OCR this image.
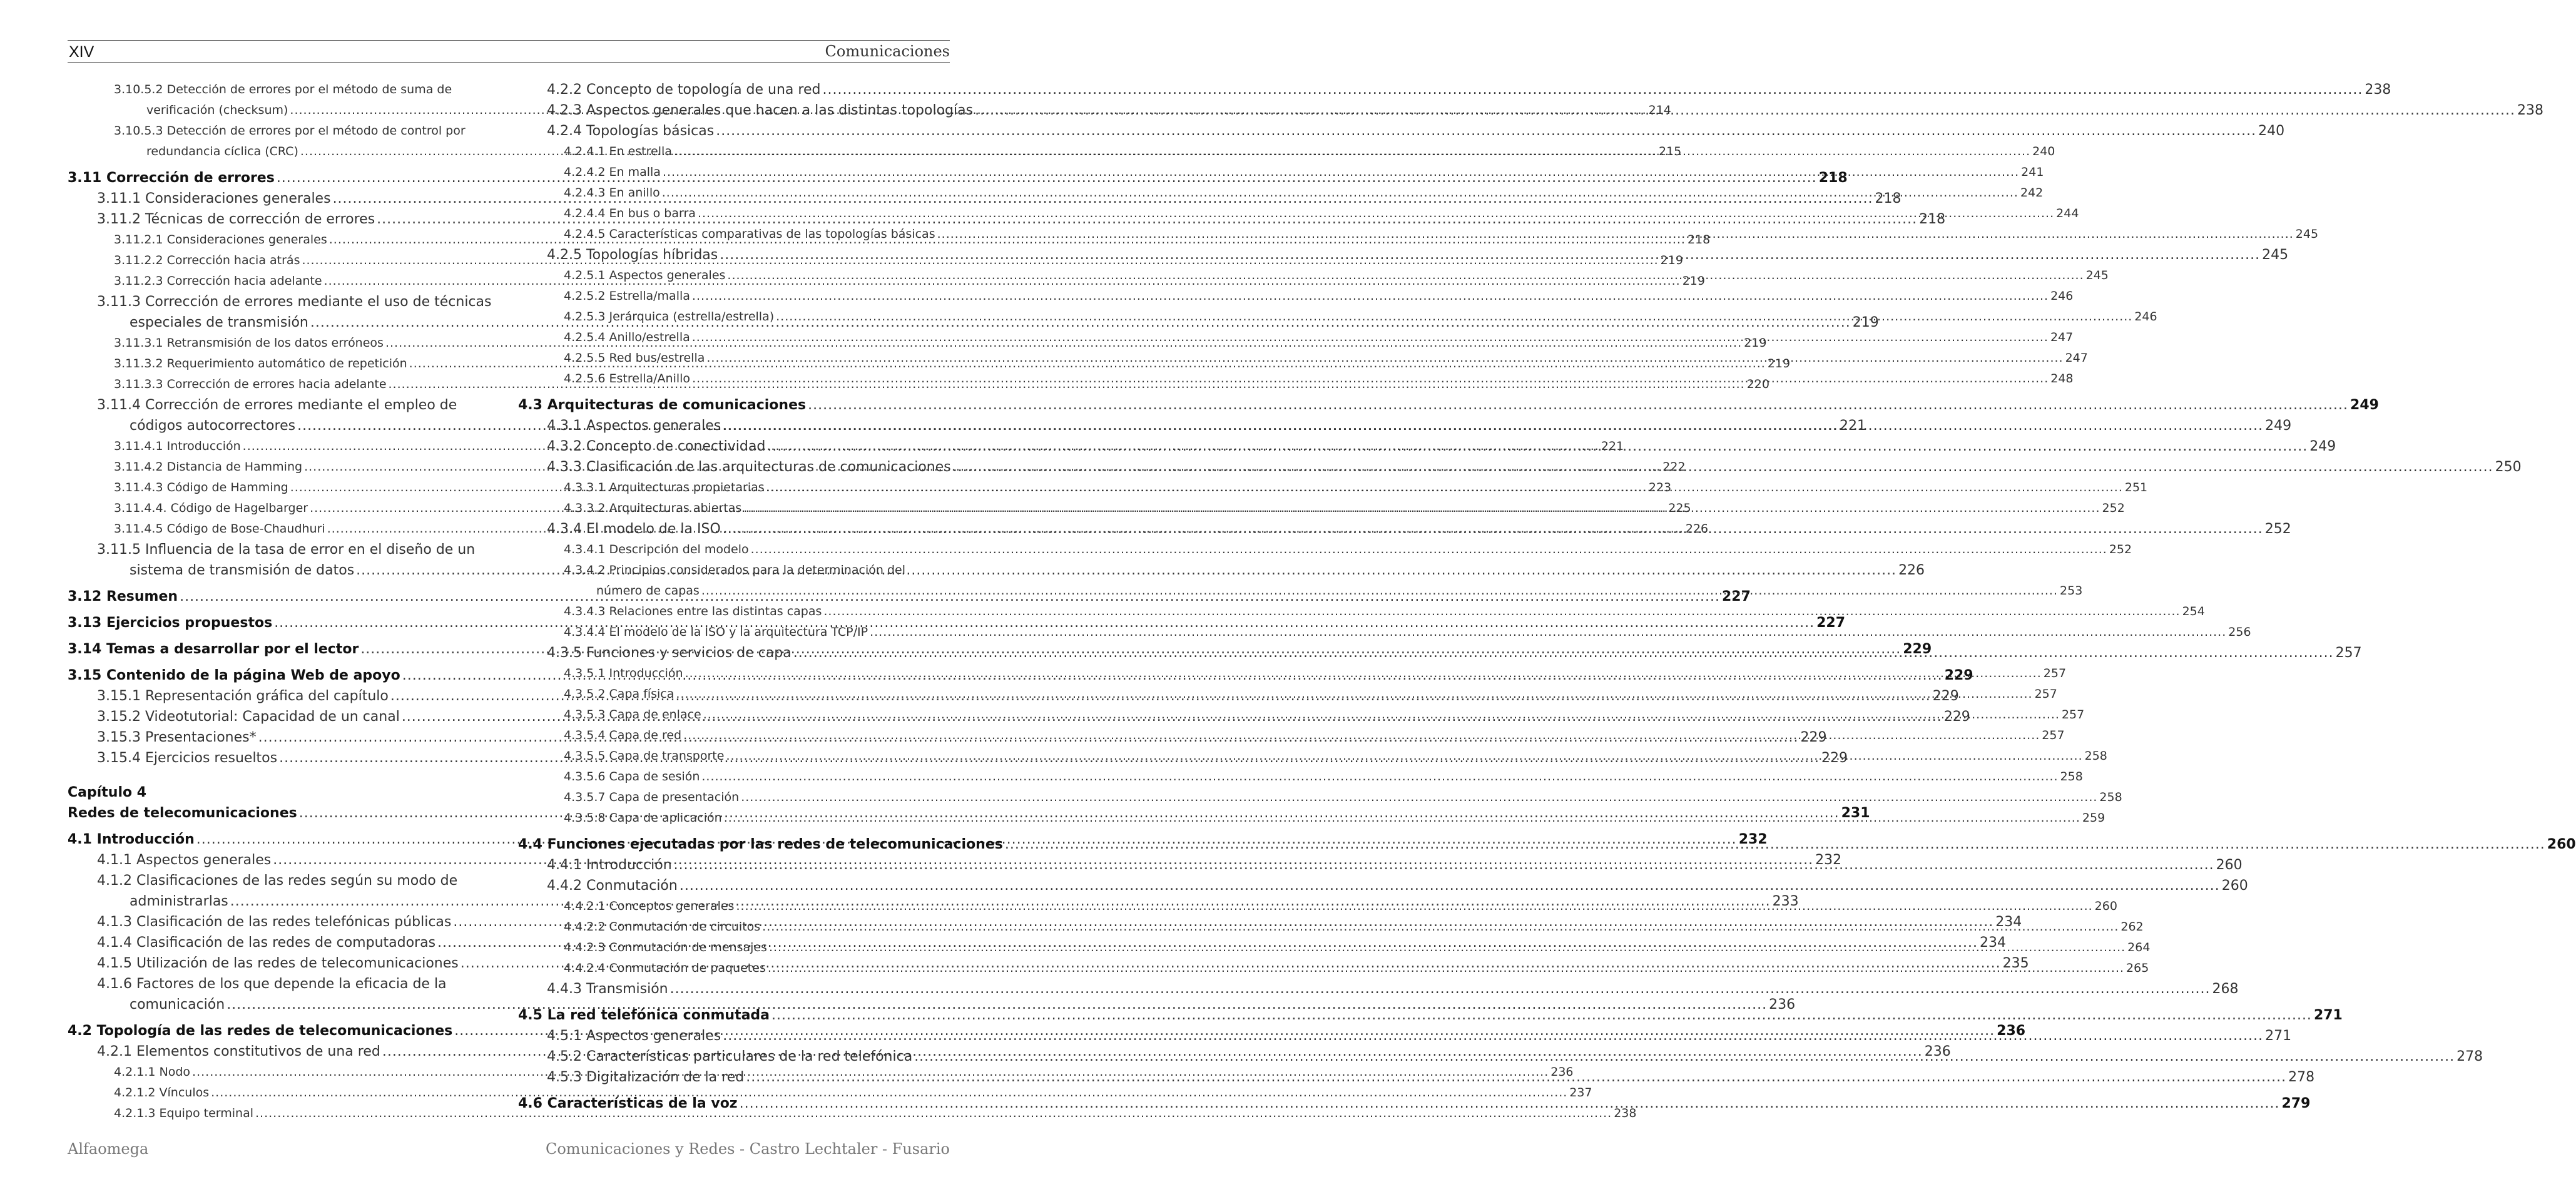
XIV	Comunicaciones
3.10.5.2 Detección de errores por el método de suma de
verificación (checksum) .....	214
3.10.5.3 Detección de errores por el método de control por
redundancia cíclica (CRC) .....	215
3.11 Corrección de errores .....	218
3.11.1 Consideraciones generales .....	218
3.11.2 Técnicas de corrección de errores .....	218
3.11.2.1 Consideraciones generales .....	218
3.11.2.2 Corrección hacia atrás .....	219
3.11.2.3 Corrección hacia adelante .....	219
3.11.3 Corrección de errores mediante el uso de técnicas
especiales de transmisión .....	219
3.11.3.1 Retransmisión de los datos erróneos .....	219
3.11.3.2 Requerimiento automático de repetición .....	219
3.11.3.3 Corrección de errores hacia adelante .....	220
3.11.4 Corrección de errores mediante el empleo de
códigos autocorrectores .....	221
3.11.4.1 Introducción .....	221
3.11.4.2 Distancia de Hamming .....	222
3.11.4.3 Código de Hamming .....	223
3.11.4.4. Código de Hagelbarger .....	225
3.11.4.5 Código de Bose-Chaudhuri .....	226
3.11.5 Influencia de la tasa de error en el diseño de un
sistema de transmisión de datos .....	226
3.12 Resumen .....	227
3.13 Ejercicios propuestos .....	227
3.14 Temas a desarrollar por el lector .....	229
3.15 Contenido de la página Web de apoyo .....	229
3.15.1 Representación gráfica del capítulo .....	229
3.15.2 Videotutorial: Capacidad de un canal .....	229
3.15.3 Presentaciones* .....	229
3.15.4 Ejercicios resueltos .....	229
Capítulo 4
Redes de telecomunicaciones .....	231
4.1 Introducción .....	232
4.1.1 Aspectos generales .....	232
4.1.2 Clasificaciones de las redes según su modo de
administrarlas .....	233
4.1.3 Clasificación de las redes telefónicas públicas .....	234
4.1.4 Clasificación de las redes de computadoras .....	234
4.1.5 Utilización de las redes de telecomunicaciones .....	235
4.1.6 Factores de los que depende la eficacia de la
comunicación .....	236
4.2 Topología de las redes de telecomunicaciones .....	236
4.2.1 Elementos constitutivos de una red .....	236
4.2.1.1 Nodo .....	236
4.2.1.2 Vínculos .....	237
4.2.1.3 Equipo terminal .....	238
4.2.2 Concepto de topología de una red .....	238
4.2.3 Aspectos generales que hacen a las distintas topologías .....	238
4.2.4 Topologías básicas .....	240
4.2.4.1 En estrella .....	240
4.2.4.2 En malla .....	241
4.2.4.3 En anillo .....	242
4.2.4.4 En bus o barra .....	244
4.2.4.5 Características comparativas de las topologías básicas .....	245
4.2.5 Topologías híbridas .....	245
4.2.5.1 Aspectos generales .....	245
4.2.5.2 Estrella/malla .....	246
4.2.5.3 Jerárquica (estrella/estrella) .....	246
4.2.5.4 Anillo/estrella .....	247
4.2.5.5 Red bus/estrella .....	247
4.2.5.6 Estrella/Anillo .....	248
4.3 Arquitecturas de comunicaciones .....	249
4.3.1 Aspectos generales .....	249
4.3.2 Concepto de conectividad .....	249
4.3.3 Clasificación de las arquitecturas de comunicaciones .....	250
4.3.3.1 Arquitecturas propietarias .....	251
4.3.3.2 Arquitecturas abiertas .....	252
4.3.4 El modelo de la ISO .....	252
4.3.4.1 Descripción del modelo .....	252
4.3.4.2 Principios considerados para la determinación del
número de capas .....	253
4.3.4.3 Relaciones entre las distintas capas .....	254
4.3.4.4 El modelo de la ISO y la arquitectura TCP/IP .....	256
4.3.5 Funciones y servicios de capa .....	257
4.3.5.1 Introducción .....	257
4.3.5.2 Capa física .....	257
4.3.5.3 Capa de enlace .....	257
4.3.5.4 Capa de red .....	257
4.3.5.5 Capa de transporte .....	258
4.3.5.6 Capa de sesión .....	258
4.3.5.7 Capa de presentación .....	258
4.3.5.8 Capa de aplicación .....	259
4.4 Funciones ejecutadas por las redes de telecomunicaciones .....	260
4.4.1 Introducción .....	260
4.4.2 Conmutación .....	260
4.4.2.1 Conceptos generales .....	260
4.4.2.2 Conmutación de circuitos .....	262
4.4.2.3 Conmutación de mensajes .....	264
4.4.2.4 Conmutación de paquetes .....	265
4.4.3 Transmisión .....	268
4.5 La red telefónica conmutada .....	271
4.5.1 Aspectos generales .....	271
4.5.2 Características particulares de la red telefónica .....	278
4.5.3 Digitalización de la red .....	278
4.6 Características de la voz .....	279
Alfaomega	Comunicaciones y Redes - Castro Lechtaler - Fusario
